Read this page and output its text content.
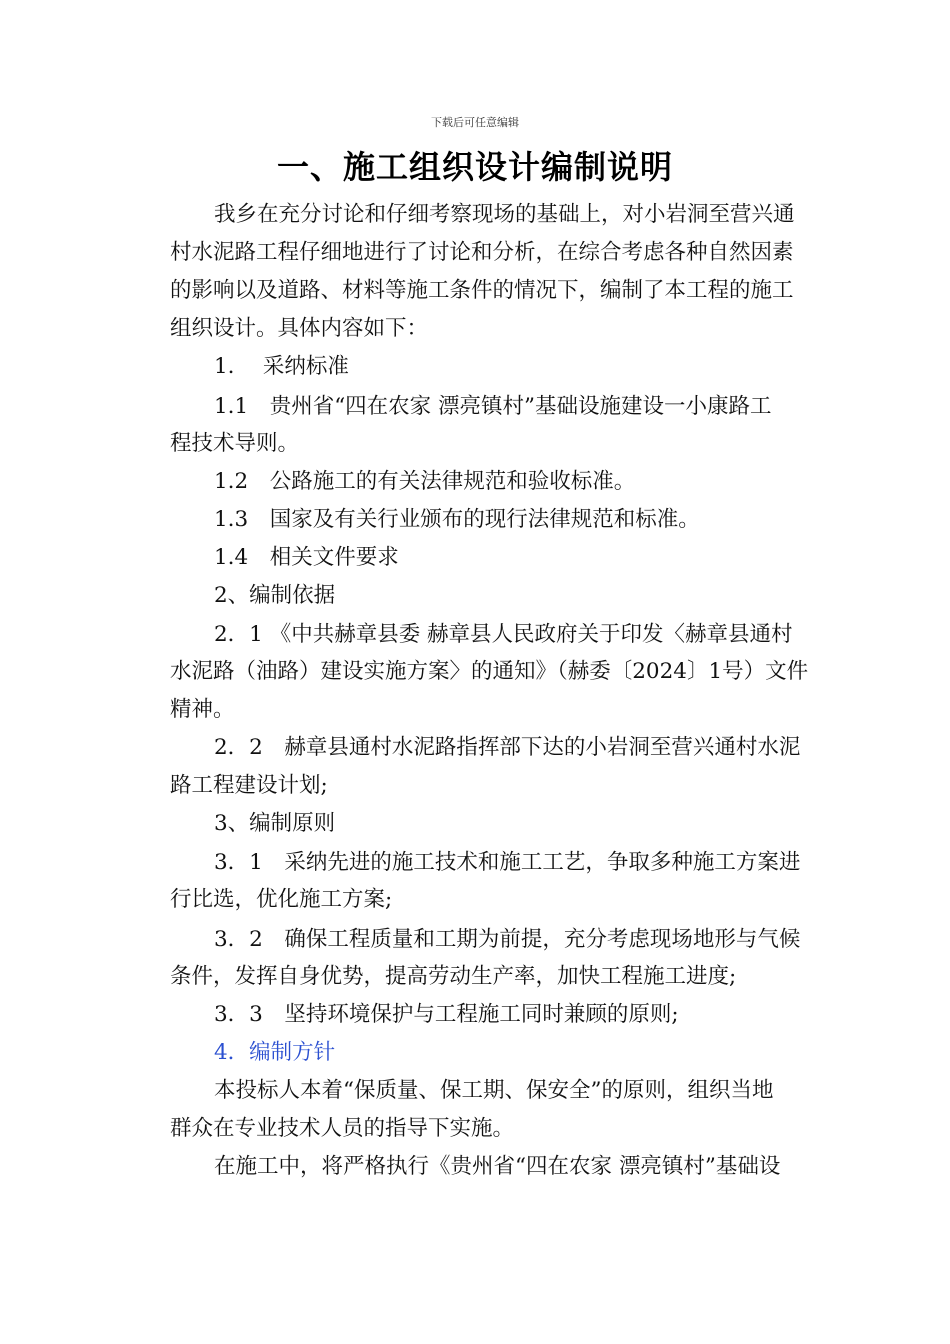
下载后可任意编辑
一、施工组织设计编制说明
我乡在充分讨论和仔细考察现场的基础上，对小岩洞至营兴通
村水泥路工程仔细地进行了讨论和分析，在综合考虑各种自然因素
的影响以及道路、材料等施工条件的情况下，编制了本工程的施工
组织设计。具体内容如下：
1.　 采纳标准
1.1　贵州省“四在农家 漂亮镇村”基础设施建设一小康路工
程技术导则。
1.2　公路施工的有关法律规范和验收标准。
1.3　国家及有关行业颁布的现行法律规范和标准。
1.4　相关文件要求
2、编制依据
2．1 《中共赫章县委 赫章县人民政府关于印发〈赫章县通村
水泥路（油路）建设实施方案〉的通知》（赫委〔2024〕1号）文件
精神。
2．2　赫章县通村水泥路指挥部下达的小岩洞至营兴通村水泥
路工程建设计划;
3、编制原则
3．1　采纳先进的施工技术和施工工艺，争取多种施工方案进
行比选，优化施工方案;
3．2　确保工程质量和工期为前提，充分考虑现场地形与气候
条件，发挥自身优势，提高劳动生产率，加快工程施工进度;
3．3　坚持环境保护与工程施工同时兼顾的原则;
4．编制方针
本投标人本着“保质量、保工期、保安全”的原则，组织当地
群众在专业技术人员的指导下实施。
在施工中，将严格执行《贵州省“四在农家 漂亮镇村”基础设
